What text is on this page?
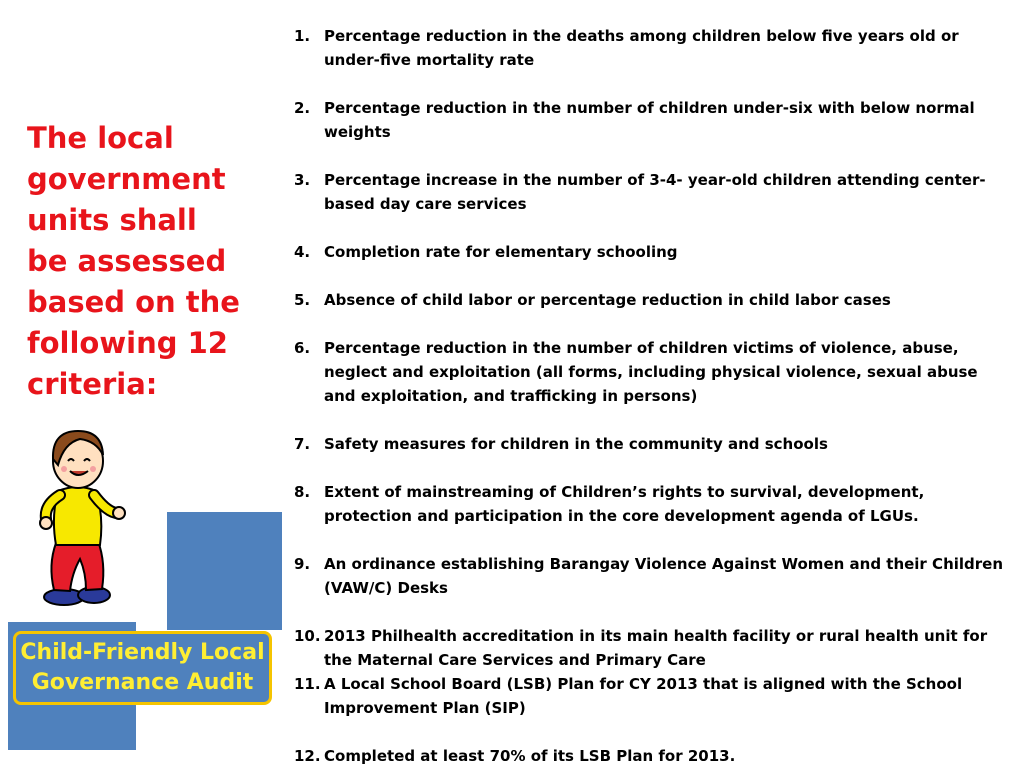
The local government units shall be assessed based on the following 12 criteria:
Child-Friendly Local
Governance Audit
1. Percentage reduction in the deaths among children below five years old or under-five mortality rate
2. Percentage reduction in the number of children under-six with below normal weights
3. Percentage increase in the number of 3-4- year-old children attending center-based day care services
4. Completion rate for elementary schooling
5. Absence of child labor or percentage reduction in child labor cases
6. Percentage reduction in the number of children victims of violence, abuse, neglect and exploitation (all forms, including physical violence, sexual abuse and exploitation, and trafficking in persons)
7. Safety measures for children in the community and schools
8. Extent of mainstreaming of Children’s rights to survival, development, protection and participation in the core development agenda of LGUs.
9. An ordinance establishing Barangay Violence Against Women and their Children (VAW/C) Desks
10. 2013 Philhealth accreditation in its main health facility or rural health unit for the Maternal Care Services and Primary Care
11. A Local School Board (LSB) Plan for CY 2013 that is aligned with the School Improvement Plan (SIP)
12. Completed at least 70% of its LSB Plan for 2013.
